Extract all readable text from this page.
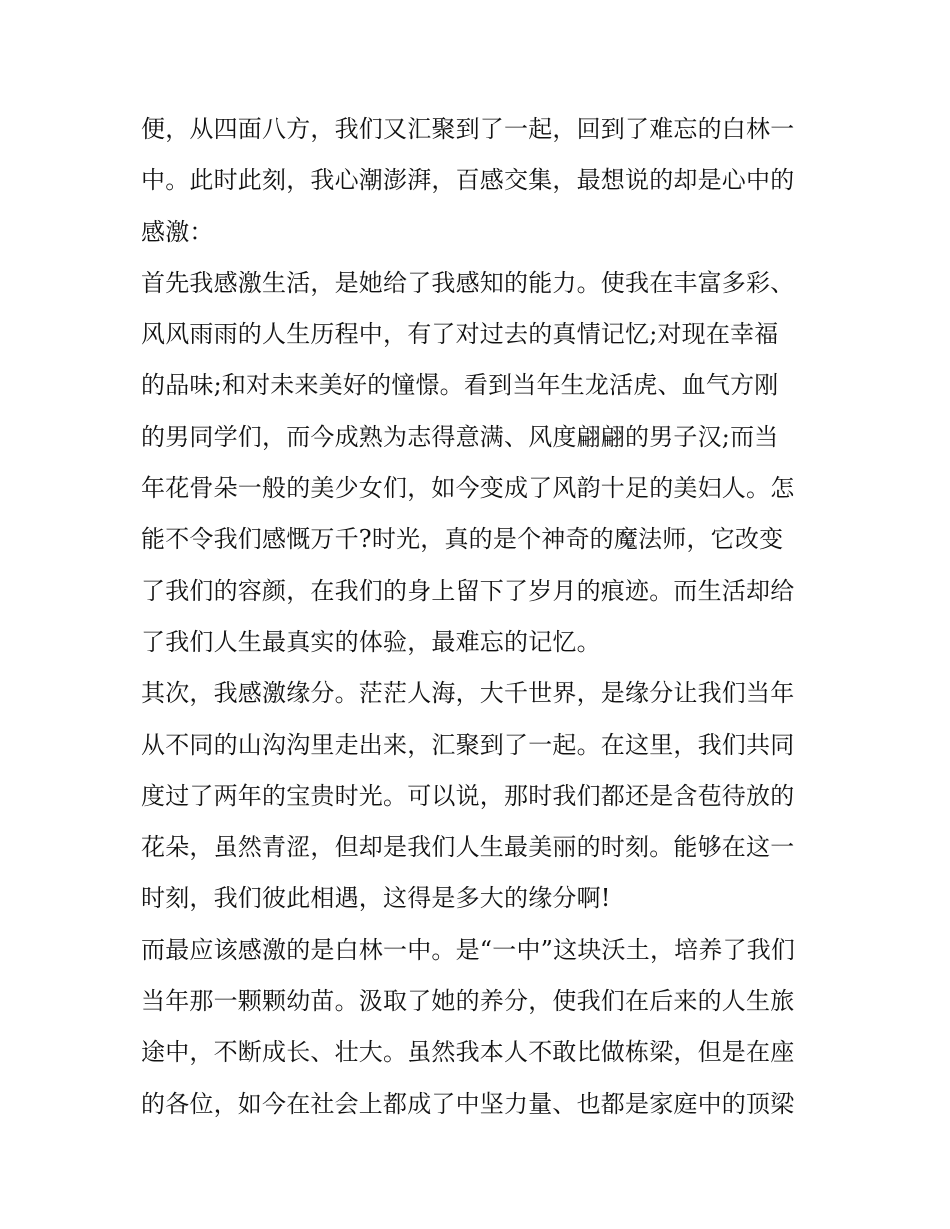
便，从四面八方，我们又汇聚到了一起，回到了难忘的白林一
中。此时此刻，我心潮澎湃，百感交集，最想说的却是心中的
感激：
首先我感激生活，是她给了我感知的能力。使我在丰富多彩、
风风雨雨的人生历程中，有了对过去的真情记忆;对现在幸福
的品味;和对未来美好的憧憬。看到当年生龙活虎、血气方刚
的男同学们，而今成熟为志得意满、风度翩翩的男子汉;而当
年花骨朵一般的美少女们，如今变成了风韵十足的美妇人。怎
能不令我们感慨万千?时光，真的是个神奇的魔法师，它改变
了我们的容颜，在我们的身上留下了岁月的痕迹。而生活却给
了我们人生最真实的体验，最难忘的记忆。
其次，我感激缘分。茫茫人海，大千世界，是缘分让我们当年
从不同的山沟沟里走出来，汇聚到了一起。在这里，我们共同
度过了两年的宝贵时光。可以说，那时我们都还是含苞待放的
花朵，虽然青涩，但却是我们人生最美丽的时刻。能够在这一
时刻，我们彼此相遇，这得是多大的缘分啊!
而最应该感激的是白林一中。是“一中”这块沃土，培养了我们
当年那一颗颗幼苗。汲取了她的养分，使我们在后来的人生旅
途中，不断成长、壮大。虽然我本人不敢比做栋梁，但是在座
的各位，如今在社会上都成了中坚力量、也都是家庭中的顶梁
